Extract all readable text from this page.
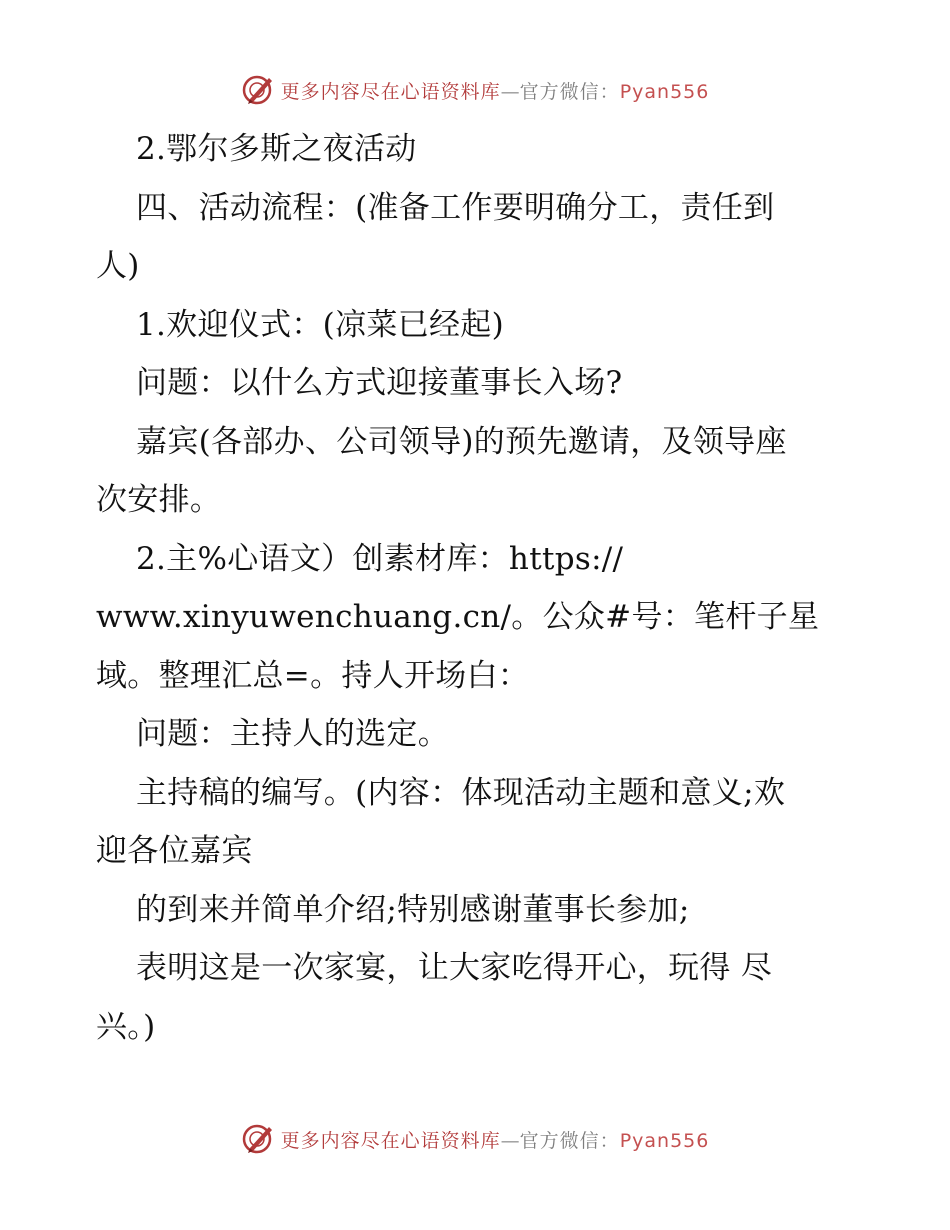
更多内容尽在心语资料库—官方微信：Pyan556

2.鄂尔多斯之夜活动

四、活动流程：(准备工作要明确分工，责任到

人)

1.欢迎仪式：(凉菜已经起)

问题：以什么方式迎接董事长入场?

嘉宾(各部办、公司领导)的预先邀请，及领导座

次安排。

2.主%心语文）创素材库：https://

www.xinyuwenchuang.cn/。公众#号：笔杆子星

域。整理汇总=。持人开场白：

问题：主持人的选定。

主持稿的编写。(内容：体现活动主题和意义;欢

迎各位嘉宾

的到来并简单介绍;特别感谢董事长参加;

表明这是一次家宴，让大家吃得开心，玩得 尽

兴。)

更多内容尽在心语资料库—官方微信：Pyan556
